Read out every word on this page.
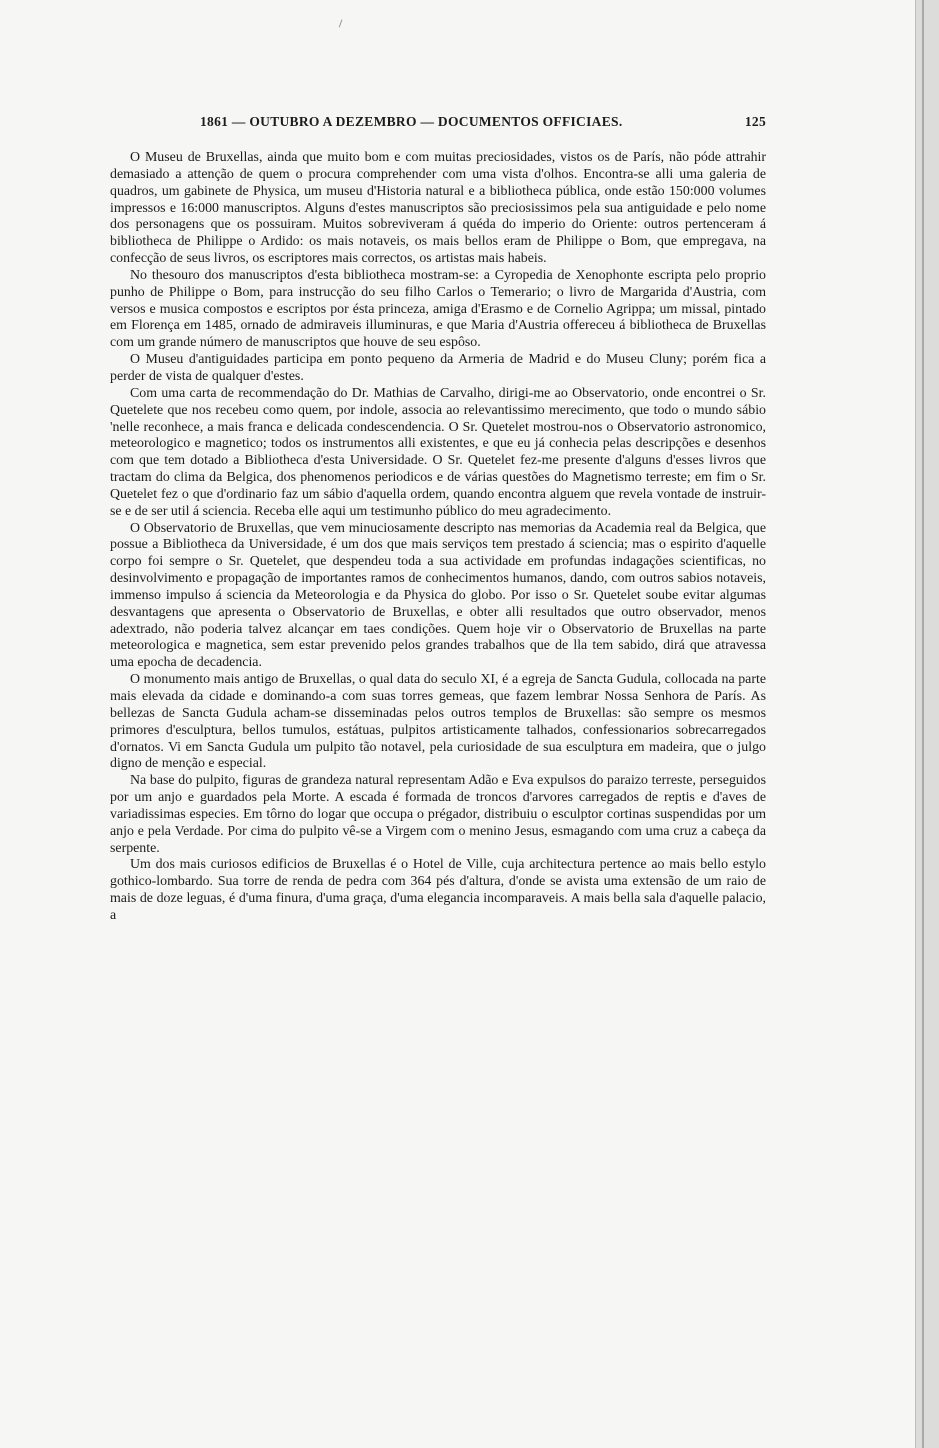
1861 — OUTUBRO A DEZEMBRO — DOCUMENTOS OFFICIAES.	125

O Museu de Bruxellas, ainda que muito bom e com muitas preciosidades, vistos os de París, não póde attrahir demasiado a attenção de quem o procura comprehender com uma vista d'olhos. Encontra-se alli uma galeria de quadros, um gabinete de Physica, um museu d'Historia natural e a bibliotheca pública, onde estão 150:000 volumes impressos e 16:000 manuscriptos. Alguns d'estes manuscriptos são preciosissimos pela sua antiguidade e pelo nome dos personagens que os possuiram. Muitos sobreviveram á quéda do imperio do Oriente: outros pertenceram á bibliotheca de Philippe o Ardido: os mais notaveis, os mais bellos eram de Philippe o Bom, que empregava, na confecção de seus livros, os escriptores mais correctos, os artistas mais habeis.

No thesouro dos manuscriptos d'esta bibliotheca mostram-se: a Cyropedia de Xenophonte escripta pelo proprio punho de Philippe o Bom, para instrucção do seu filho Carlos o Temerario; o livro de Margarida d'Austria, com versos e musica compostos e escriptos por ésta princeza, amiga d'Erasmo e de Cornelio Agrippa; um missal, pintado em Florença em 1485, ornado de admiraveis illuminuras, e que Maria d'Austria offereceu á bibliotheca de Bruxellas com um grande número de manuscriptos que houve de seu espôso.

O Museu d'antiguidades participa em ponto pequeno da Armeria de Madrid e do Museu Cluny; porém fica a perder de vista de qualquer d'estes.

Com uma carta de recommendação do Dr. Mathias de Carvalho, dirigi-me ao Observatorio, onde encontrei o Sr. Quetelete que nos recebeu como quem, por indole, associa ao relevantissimo merecimento, que todo o mundo sábio 'nelle reconhece, a mais franca e delicada condescendencia. O Sr. Quetelet mostrou-nos o Observatorio astronomico, meteorologico e magnetico; todos os instrumentos alli existentes, e que eu já conhecia pelas descripções e desenhos com que tem dotado a Bibliotheca d'esta Universidade. O Sr. Quetelet fez-me presente d'alguns d'esses livros que tractam do clima da Belgica, dos phenomenos periodicos e de várias questões do Magnetismo terreste; em fim o Sr. Quetelet fez o que d'ordinario faz um sábio d'aquella ordem, quando encontra alguem que revela vontade de instruir-se e de ser util á sciencia. Receba elle aqui um testimunho público do meu agradecimento.

O Observatorio de Bruxellas, que vem minuciosamente descripto nas memorias da Academia real da Belgica, que possue a Bibliotheca da Universidade, é um dos que mais serviços tem prestado á sciencia; mas o espirito d'aquelle corpo foi sempre o Sr. Quetelet, que despendeu toda a sua actividade em profundas indagações scientificas, no desinvolvimento e propagação de importantes ramos de conhecimentos humanos, dando, com outros sabios notaveis, immenso impulso á sciencia da Meteorologia e da Physica do globo. Por isso o Sr. Quetelet soube evitar algumas desvantagens que apresenta o Observatorio de Bruxellas, e obter alli resultados que outro observador, menos adextrado, não poderia talvez alcançar em taes condições. Quem hoje vir o Observatorio de Bruxellas na parte meteorologica e magnetica, sem estar prevenido pelos grandes trabalhos que de lla tem sabido, dirá que atravessa uma epocha de decadencia.

O monumento mais antigo de Bruxellas, o qual data do seculo XI, é a egreja de Sancta Gudula, collocada na parte mais elevada da cidade e dominando-a com suas torres gemeas, que fazem lembrar Nossa Senhora de París. As bellezas de Sancta Gudula acham-se disseminadas pelos outros templos de Bruxellas: são sempre os mesmos primores d'esculptura, bellos tumulos, estátuas, pulpitos artisticamente talhados, confessionarios sobrecarregados d'ornatos. Vi em Sancta Gudula um pulpito tão notavel, pela curiosidade de sua esculptura em madeira, que o julgo digno de menção e especial.

Na base do pulpito, figuras de grandeza natural representam Adão e Eva expulsos do paraizo terreste, perseguidos por um anjo e guardados pela Morte. A escada é formada de troncos d'arvores carregados de reptis e d'aves de variadissimas especies. Em tôrno do logar que occupa o prégador, distribuiu o esculptor cortinas suspendidas por um anjo e pela Verdade. Por cima do pulpito vê-se a Virgem com o menino Jesus, esmagando com uma cruz a cabeça da serpente.

Um dos mais curiosos edificios de Bruxellas é o Hotel de Ville, cuja architectura pertence ao mais bello estylo gothico-lombardo. Sua torre de renda de pedra com 364 pés d'altura, d'onde se avista uma extensão de um raio de mais de doze leguas, é d'uma finura, d'uma graça, d'uma elegancia incomparaveis. A mais bella sala d'aquelle palacio, a
